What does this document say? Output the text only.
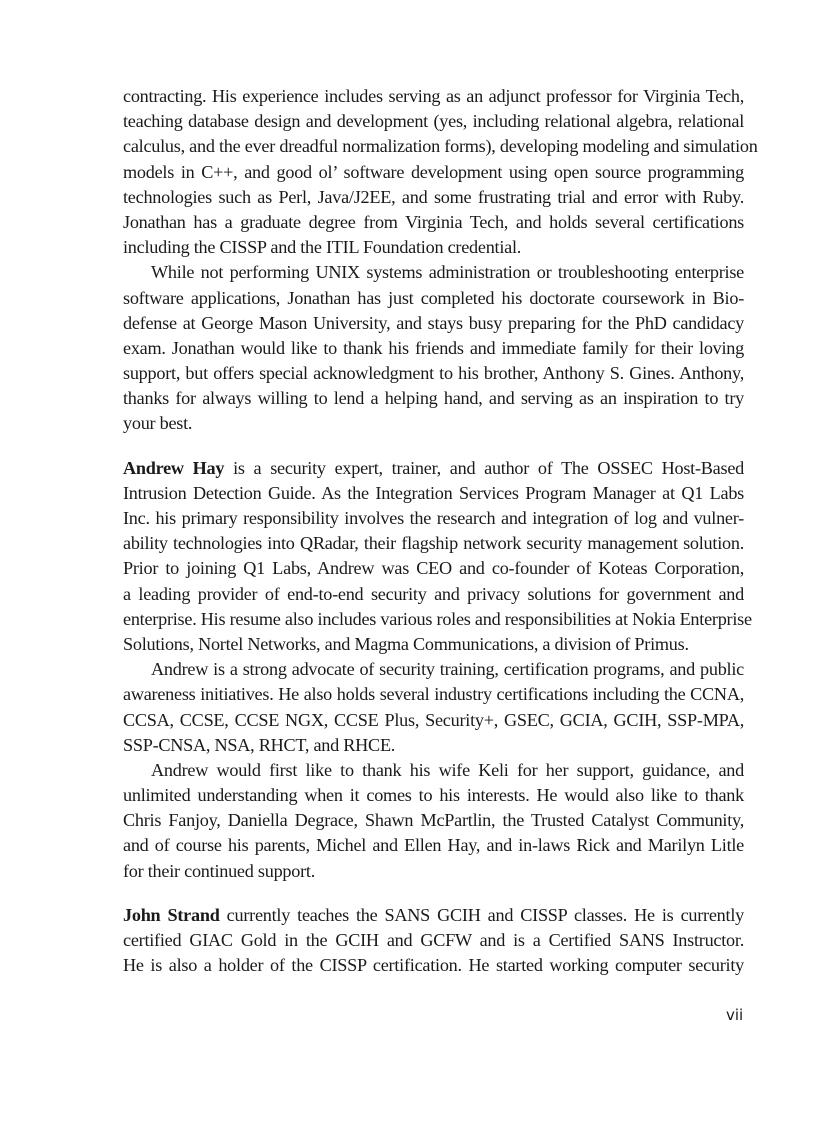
contracting. His experience includes serving as an adjunct professor for Virginia Tech,
teaching database design and development (yes, including relational algebra, relational
calculus, and the ever dreadful normalization forms), developing modeling and simulation
models in C++, and good ol’ software development using open source programming
technologies such as Perl, Java/J2EE, and some frustrating trial and error with Ruby.
Jonathan has a graduate degree from Virginia Tech, and holds several certifications
including the CISSP and the ITIL Foundation credential.
While not performing UNIX systems administration or troubleshooting enterprise
software applications, Jonathan has just completed his doctorate coursework in Bio-
defense at George Mason University, and stays busy preparing for the PhD candidacy
exam. Jonathan would like to thank his friends and immediate family for their loving
support, but offers special acknowledgment to his brother, Anthony S. Gines. Anthony,
thanks for always willing to lend a helping hand, and serving as an inspiration to try
your best.
Andrew Hay is a security expert, trainer, and author of The OSSEC Host-Based
Intrusion Detection Guide. As the Integration Services Program Manager at Q1 Labs
Inc. his primary responsibility involves the research and integration of log and vulner-
ability technologies into QRadar, their flagship network security management solution.
Prior to joining Q1 Labs, Andrew was CEO and co-founder of Koteas Corporation,
a leading provider of end-to-end security and privacy solutions for government and
enterprise. His resume also includes various roles and responsibilities at Nokia Enterprise
Solutions, Nortel Networks, and Magma Communications, a division of Primus.
Andrew is a strong advocate of security training, certification programs, and public
awareness initiatives. He also holds several industry certifications including the CCNA,
CCSA, CCSE, CCSE NGX, CCSE Plus, Security+, GSEC, GCIA, GCIH, SSP-MPA,
SSP-CNSA, NSA, RHCT, and RHCE.
Andrew would first like to thank his wife Keli for her support, guidance, and
unlimited understanding when it comes to his interests. He would also like to thank
Chris Fanjoy, Daniella Degrace, Shawn McPartlin, the Trusted Catalyst Community,
and of course his parents, Michel and Ellen Hay, and in-laws Rick and Marilyn Litle
for their continued support.
John Strand currently teaches the SANS GCIH and CISSP classes. He is currently
certified GIAC Gold in the GCIH and GCFW and is a Certified SANS Instructor.
He is also a holder of the CISSP certification. He started working computer security
vii
